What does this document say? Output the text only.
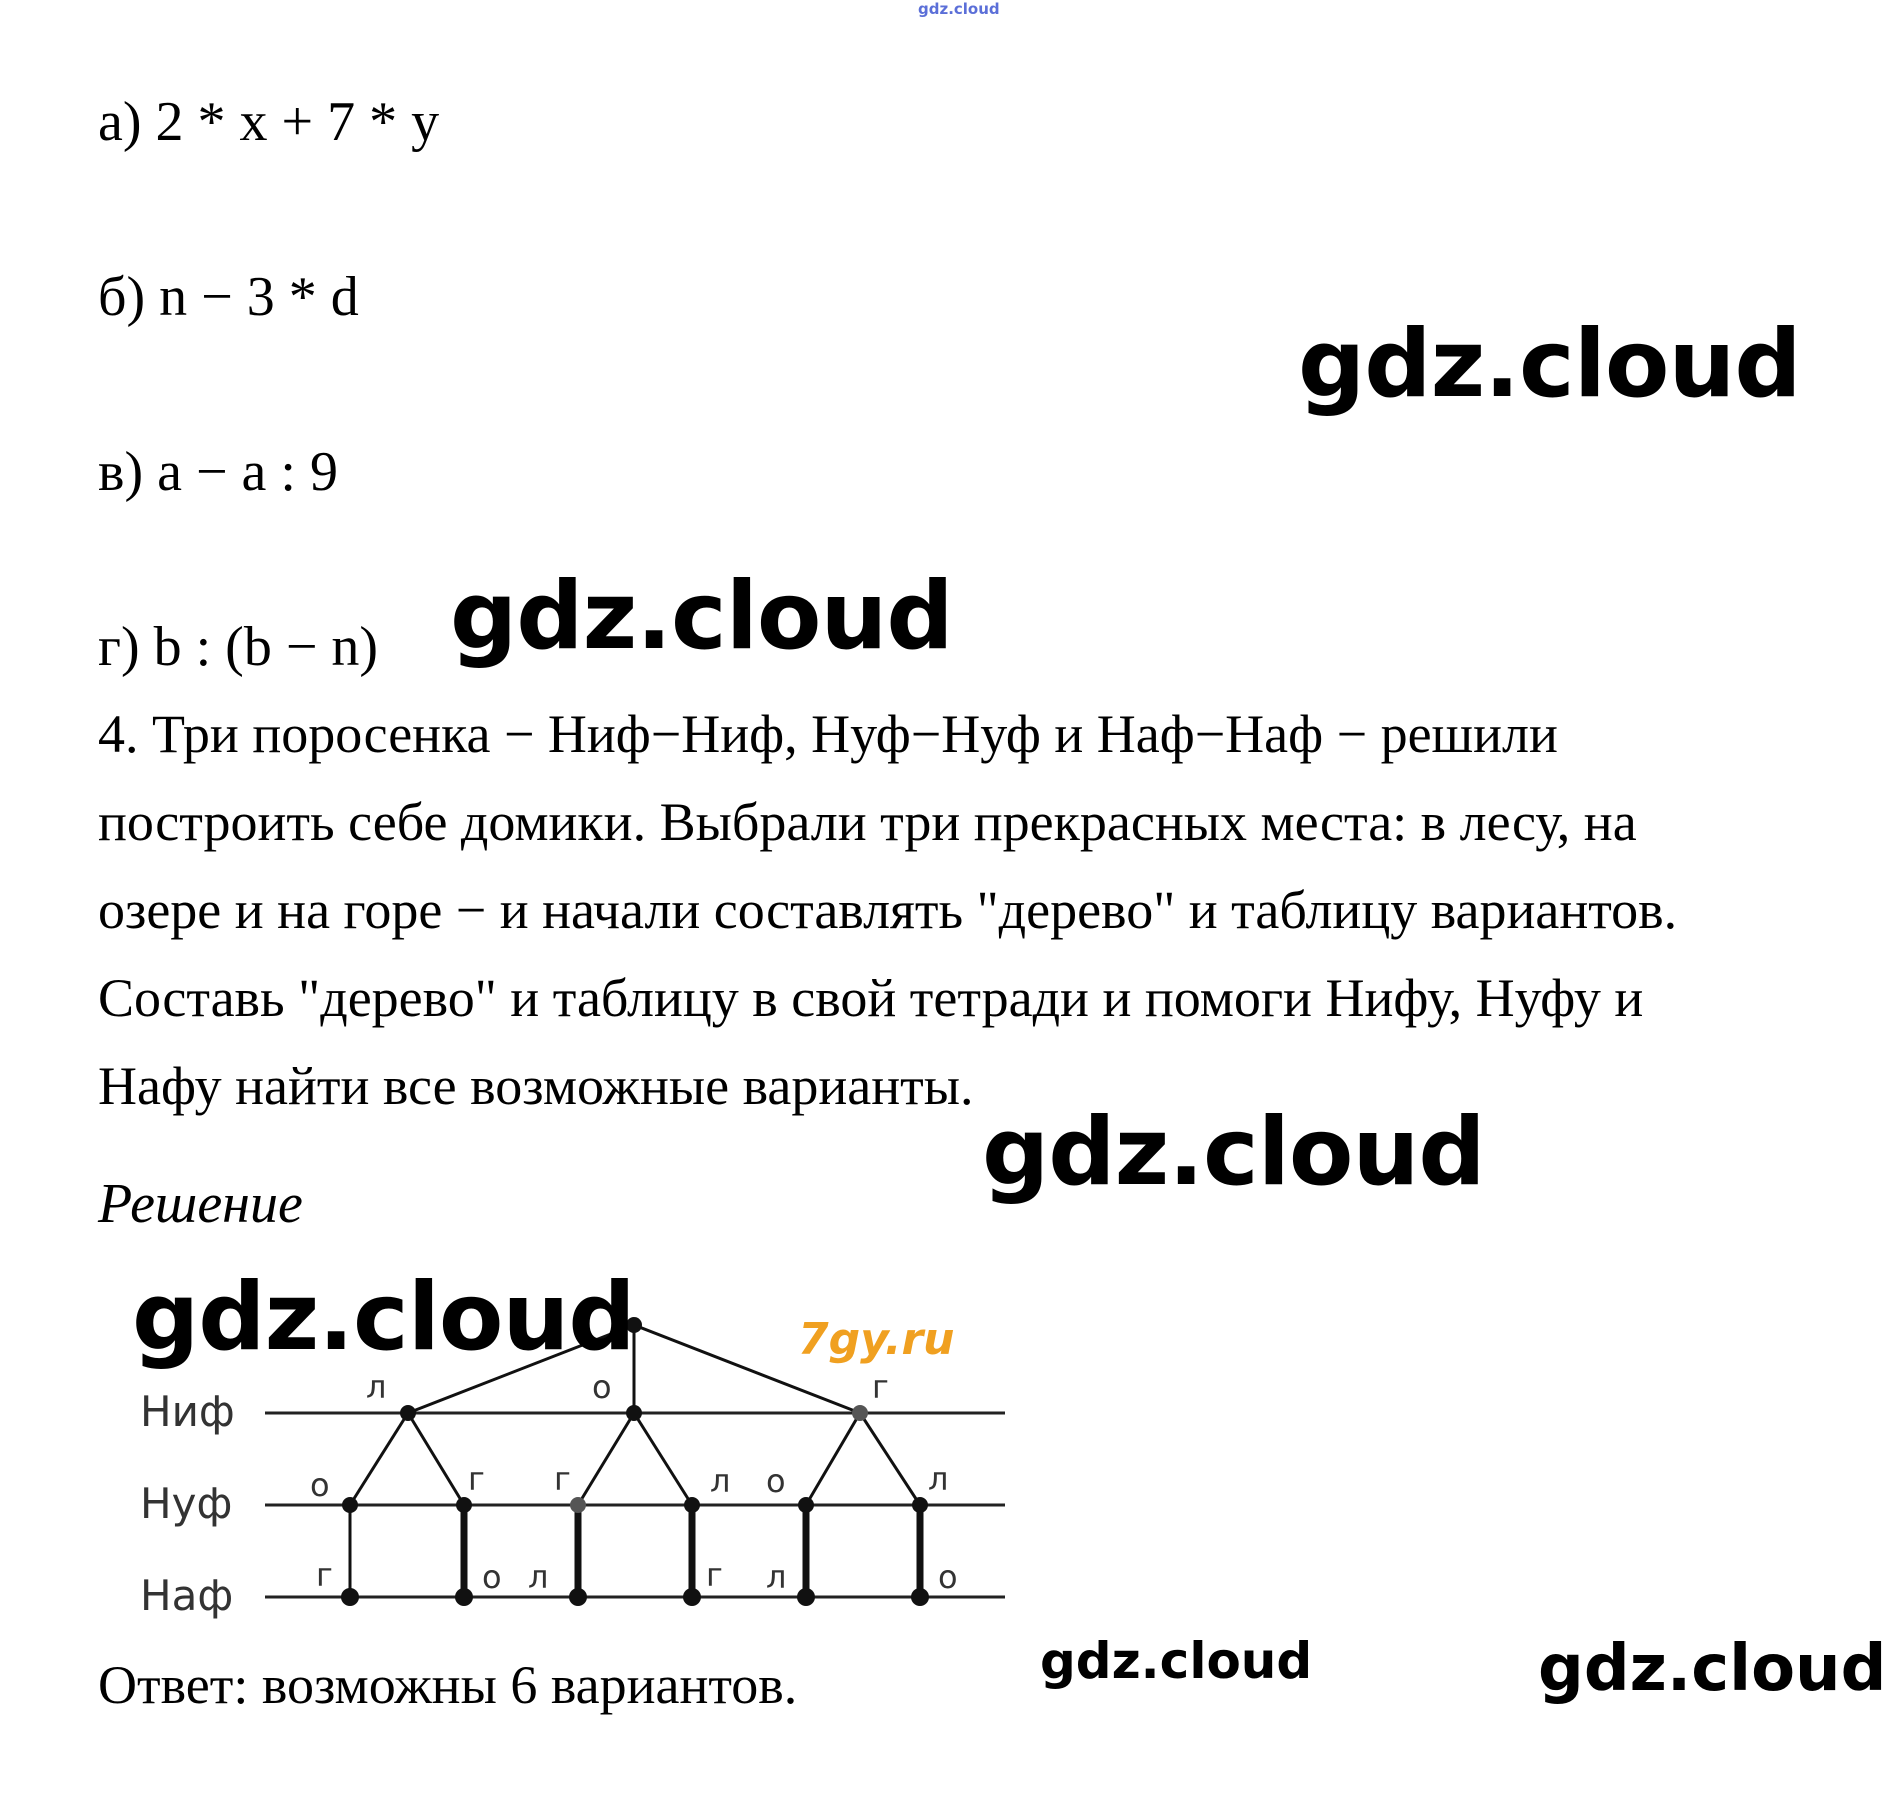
gdz.cloud
а) 2 * x + 7 * y
б) n − 3 * d
в) a − a : 9
г) b : (b − n)
4. Три поросенка − Ниф−Ниф, Нуф−Нуф и Наф−Наф − решили
построить себе домики. Выбрали три прекрасных места: в лесу, на
озере и на горе − и начали составлять "дерево" и таблицу вариантов.
Составь "дерево" и таблицу в свой тетради и помоги Нифу, Нуфу и
Нафу найти все возможные варианты.
Решение
7gy.ru
Ниф
Нуф
Наф
л	о	г
о	г г	л о	л
г	о л	г л	о
Ответ: возможны 6 вариантов.
gdz.cloud
gdz.cloud
gdz.cloud
gdz.cloud
gdz.cloud	gdz.cloud
